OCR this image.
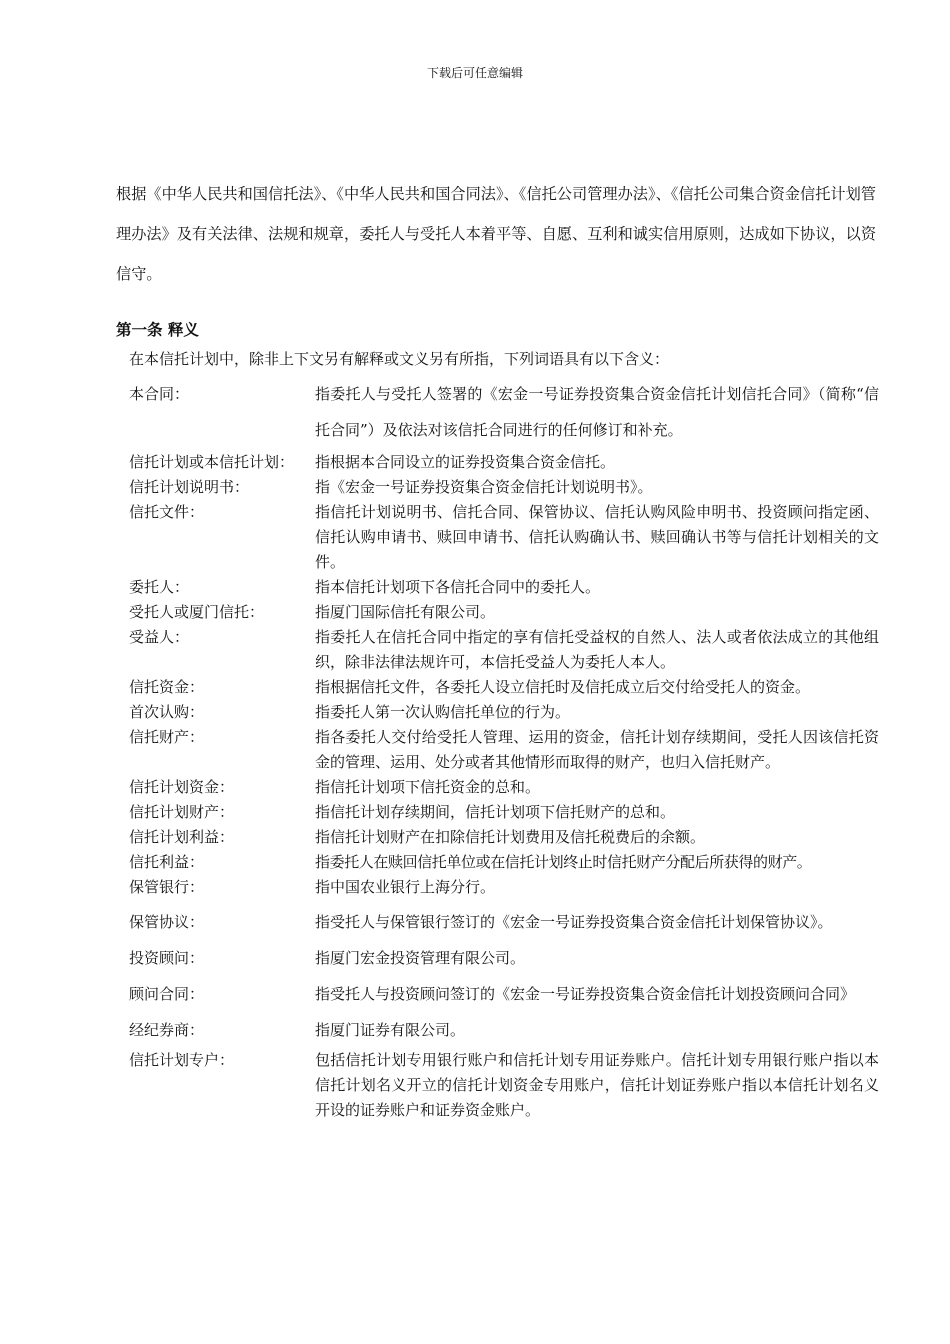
下载后可任意编辑

根据《中华人民共和国信托法》、《中华人民共和国合同法》、《信托公司管理办法》、《信托公司集合资金信托计划管理办法》及有关法律、法规和规章，委托人与受托人本着平等、自愿、互利和诚实信用原则，达成如下协议，以资信守。

第一条 释义

在本信托计划中，除非上下文另有解释或文义另有所指，下列词语具有以下含义：

本合同：	指委托人与受托人签署的《宏金一号证券投资集合资金信托计划信托合同》（简称“信托合同”）及依法对该信托合同进行的任何修订和补充。
信托计划或本信托计划：	指根据本合同设立的证券投资集合资金信托。
信托计划说明书：	指《宏金一号证券投资集合资金信托计划说明书》。
信托文件：	指信托计划说明书、信托合同、保管协议、信托认购风险申明书、投资顾问指定函、信托认购申请书、赎回申请书、信托认购确认书、赎回确认书等与信托计划相关的文件。
委托人：	指本信托计划项下各信托合同中的委托人。
受托人或厦门信托：	指厦门国际信托有限公司。
受益人：	指委托人在信托合同中指定的享有信托受益权的自然人、法人或者依法成立的其他组织，除非法律法规许可，本信托受益人为委托人本人。
信托资金：	指根据信托文件，各委托人设立信托时及信托成立后交付给受托人的资金。
首次认购：	指委托人第一次认购信托单位的行为。
信托财产：	指各委托人交付给受托人管理、运用的资金，信托计划存续期间，受托人因该信托资金的管理、运用、处分或者其他情形而取得的财产，也归入信托财产。
信托计划资金：	指信托计划项下信托资金的总和。
信托计划财产：	指信托计划存续期间，信托计划项下信托财产的总和。
信托计划利益：	指信托计划财产在扣除信托计划费用及信托税费后的余额。
信托利益：	指委托人在赎回信托单位或在信托计划终止时信托财产分配后所获得的财产。
保管银行：	指中国农业银行上海分行。
保管协议：	指受托人与保管银行签订的《宏金一号证券投资集合资金信托计划保管协议》。
投资顾问：	指厦门宏金投资管理有限公司。
顾问合同：	指受托人与投资顾问签订的《宏金一号证券投资集合资金信托计划投资顾问合同》
经纪券商：	指厦门证券有限公司。
信托计划专户：	包括信托计划专用银行账户和信托计划专用证券账户。信托计划专用银行账户指以本信托计划名义开立的信托计划资金专用账户，信托计划证券账户指以本信托计划名义开设的证券账户和证券资金账户。
